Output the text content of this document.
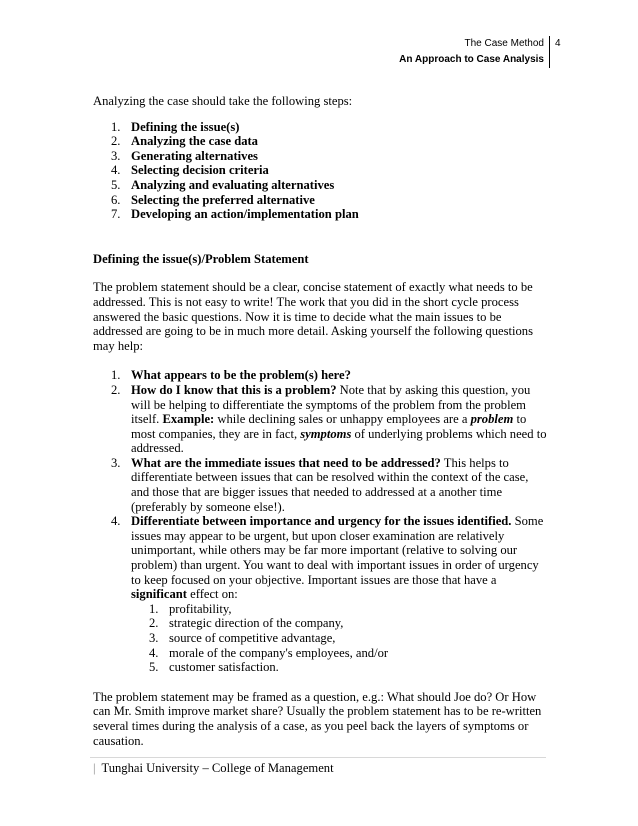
The Case Method
An Approach to Case Analysis
4

Analyzing the case should take the following steps:

1. Defining the issue(s)
2. Analyzing the case data
3. Generating alternatives
4. Selecting decision criteria
5. Analyzing and evaluating alternatives
6. Selecting the preferred alternative
7. Developing an action/implementation plan

Defining the issue(s)/Problem Statement

The problem statement should be a clear, concise statement of exactly what needs to be addressed. This is not easy to write! The work that you did in the short cycle process answered the basic questions. Now it is time to decide what the main issues to be addressed are going to be in much more detail. Asking yourself the following questions may help:

1. What appears to be the problem(s) here?
2. How do I know that this is a problem? Note that by asking this question, you will be helping to differentiate the symptoms of the problem from the problem itself. Example: while declining sales or unhappy employees are a problem to most companies, they are in fact, symptoms of underlying problems which need to addressed.
3. What are the immediate issues that need to be addressed? This helps to differentiate between issues that can be resolved within the context of the case, and those that are bigger issues that needed to addressed at a another time (preferably by someone else!).
4. Differentiate between importance and urgency for the issues identified. Some issues may appear to be urgent, but upon closer examination are relatively unimportant, while others may be far more important (relative to solving our problem) than urgent. You want to deal with important issues in order of urgency to keep focused on your objective. Important issues are those that have a significant effect on:
1. profitability,
2. strategic direction of the company,
3. source of competitive advantage,
4. morale of the company's employees, and/or
5. customer satisfaction.

The problem statement may be framed as a question, e.g.: What should Joe do? Or How can Mr. Smith improve market share? Usually the problem statement has to be re-written several times during the analysis of a case, as you peel back the layers of symptoms or causation.

| Tunghai University – College of Management
